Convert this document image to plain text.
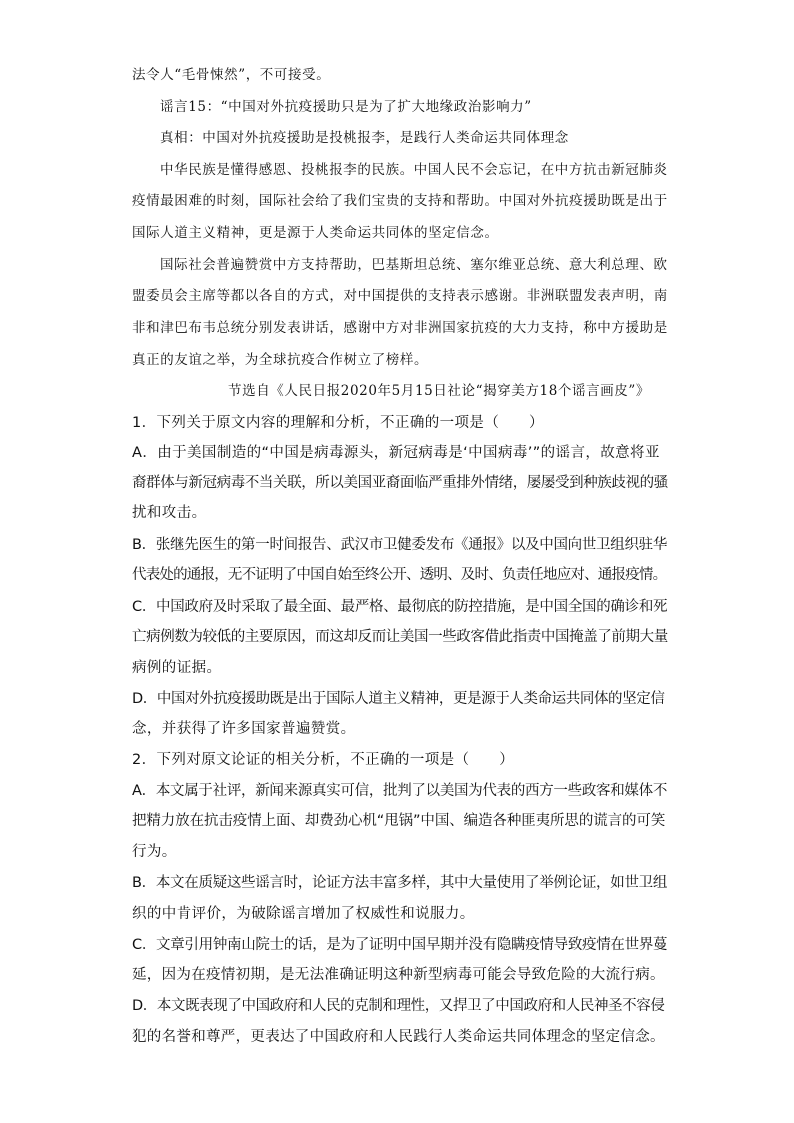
法令人“毛骨悚然”，不可接受。
谣言15：“中国对外抗疫援助只是为了扩大地缘政治影响力”
真相：中国对外抗疫援助是投桃报李，是践行人类命运共同体理念
中华民族是懂得感恩、投桃报李的民族。中国人民不会忘记，在中方抗击新冠肺炎
疫情最困难的时刻，国际社会给了我们宝贵的支持和帮助。中国对外抗疫援助既是出于
国际人道主义精神，更是源于人类命运共同体的坚定信念。
国际社会普遍赞赏中方支持帮助，巴基斯坦总统、塞尔维亚总统、意大利总理、欧
盟委员会主席等都以各自的方式，对中国提供的支持表示感谢。非洲联盟发表声明，南
非和津巴布韦总统分别发表讲话，感谢中方对非洲国家抗疫的大力支持，称中方援助是
真正的友谊之举，为全球抗疫合作树立了榜样。
节选自《人民日报2020年5月15日社论“揭穿美方18个谣言画皮”》
1．下列关于原文内容的理解和分析，不正确的一项是（　　）
A．由于美国制造的“中国是病毒源头，新冠病毒是‘中国病毒’”的谣言，故意将亚
裔群体与新冠病毒不当关联，所以美国亚裔面临严重排外情绪，屡屡受到种族歧视的骚
扰和攻击。
B．张继先医生的第一时间报告、武汉市卫健委发布《通报》以及中国向世卫组织驻华
代表处的通报，无不证明了中国自始至终公开、透明、及时、负责任地应对、通报疫情。
C．中国政府及时采取了最全面、最严格、最彻底的防控措施，是中国全国的确诊和死
亡病例数为较低的主要原因，而这却反而让美国一些政客借此指责中国掩盖了前期大量
病例的证据。
D．中国对外抗疫援助既是出于国际人道主义精神，更是源于人类命运共同体的坚定信
念，并获得了许多国家普遍赞赏。
2．下列对原文论证的相关分析，不正确的一项是（　　）
A．本文属于社评，新闻来源真实可信，批判了以美国为代表的西方一些政客和媒体不
把精力放在抗击疫情上面、却费劲心机“甩锅”中国、编造各种匪夷所思的谎言的可笑
行为。
B．本文在质疑这些谣言时，论证方法丰富多样，其中大量使用了举例论证，如世卫组
织的中肯评价，为破除谣言增加了权威性和说服力。
C．文章引用钟南山院士的话，是为了证明中国早期并没有隐瞒疫情导致疫情在世界蔓
延，因为在疫情初期，是无法准确证明这种新型病毒可能会导致危险的大流行病。
D．本文既表现了中国政府和人民的克制和理性，又捍卫了中国政府和人民神圣不容侵
犯的名誉和尊严，更表达了中国政府和人民践行人类命运共同体理念的坚定信念。
